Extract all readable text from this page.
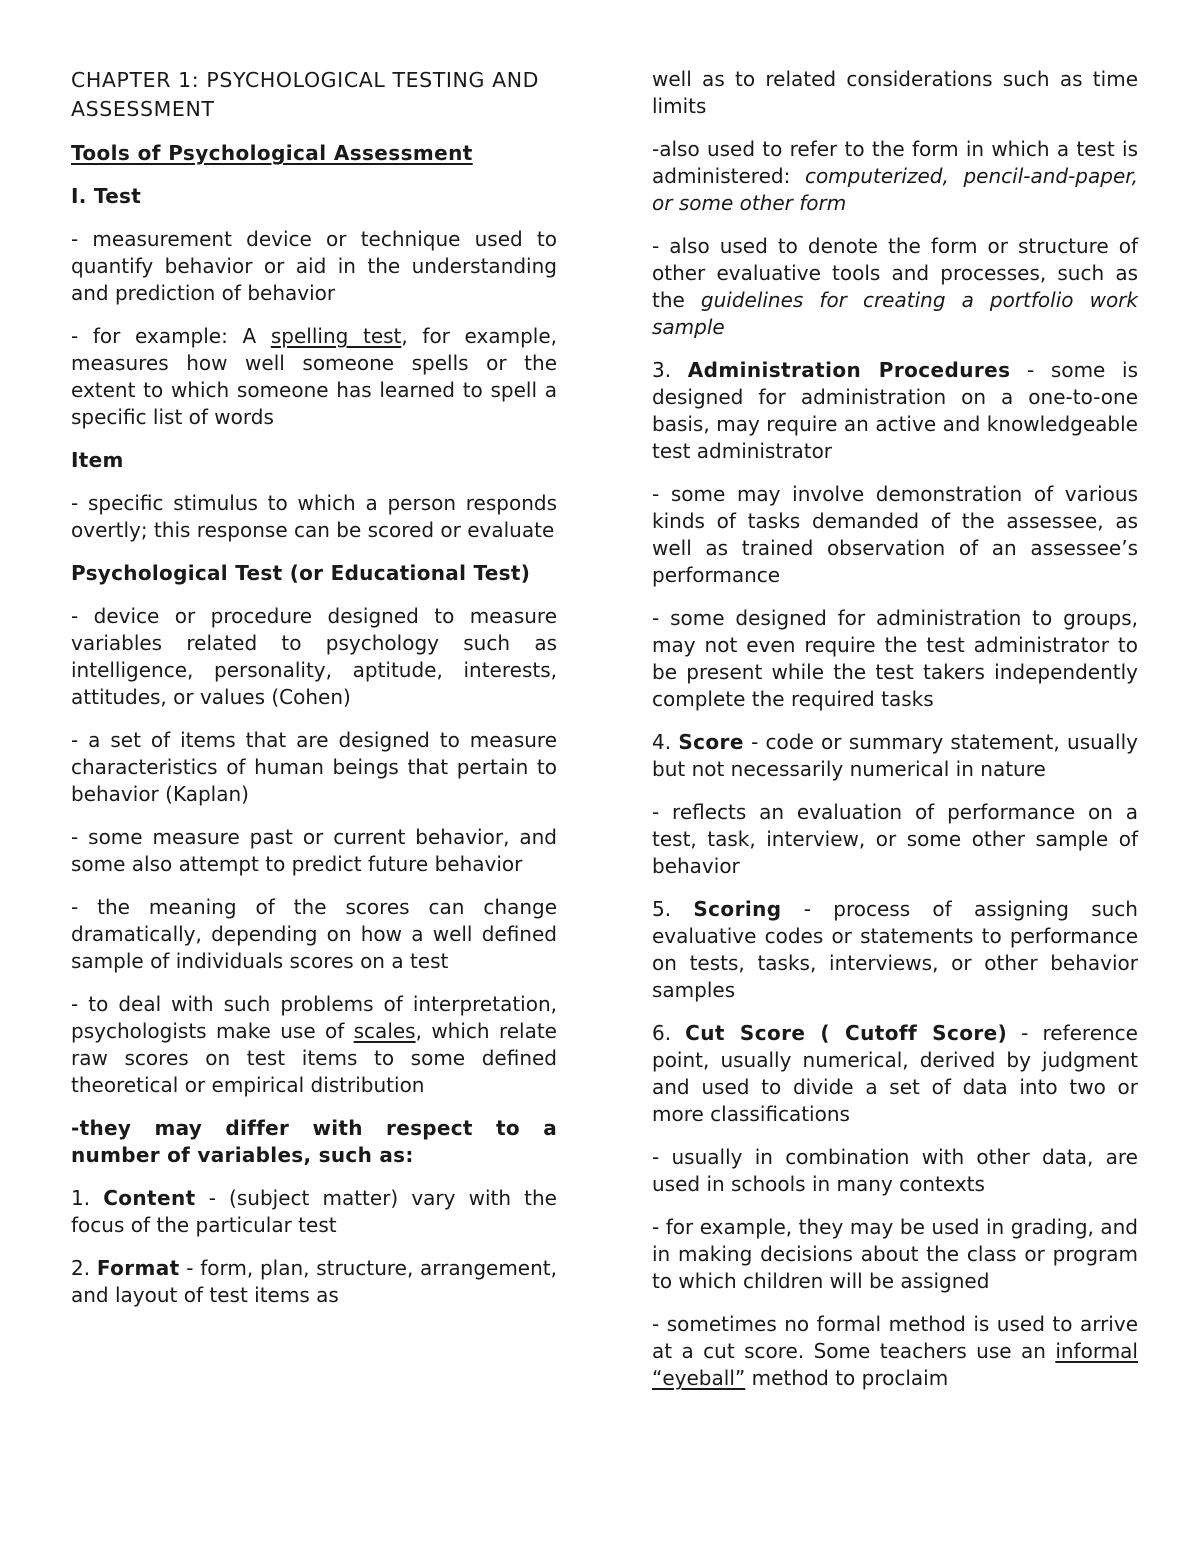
CHAPTER 1: PSYCHOLOGICAL TESTING AND ASSESSMENT

Tools of Psychological Assessment

I. Test

- measurement device or technique used to quantify behavior or aid in the understanding and prediction of behavior

- for example: A spelling test, for example, measures how well someone spells or the extent to which someone has learned to spell a specific list of words

Item

- specific stimulus to which a person responds overtly; this response can be scored or evaluate

Psychological Test (or Educational Test)

- device or procedure designed to measure variables related to psychology such as intelligence, personality, aptitude, interests, attitudes, or values (Cohen)

- a set of items that are designed to measure characteristics of human beings that pertain to behavior (Kaplan)

- some measure past or current behavior, and some also attempt to predict future behavior

- the meaning of the scores can change dramatically, depending on how a well defined sample of individuals scores on a test

- to deal with such problems of interpretation, psychologists make use of scales, which relate raw scores on test items to some defined theoretical or empirical distribution

-they may differ with respect to a number of variables, such as:

1. Content - (subject matter) vary with the focus of the particular test

2. Format - form, plan, structure, arrangement, and layout of test items as

well as to related considerations such as time limits

-also used to refer to the form in which a test is administered: computerized, pencil-and-paper, or some other form

- also used to denote the form or structure of other evaluative tools and processes, such as the guidelines for creating a portfolio work sample

3. Administration Procedures - some is designed for administration on a one-to-one basis, may require an active and knowledgeable test administrator

- some may involve demonstration of various kinds of tasks demanded of the assessee, as well as trained observation of an assessee’s performance

- some designed for administration to groups, may not even require the test administrator to be present while the test takers independently complete the required tasks

4. Score - code or summary statement, usually but not necessarily numerical in nature

- reflects an evaluation of performance on a test, task, interview, or some other sample of behavior

5. Scoring - process of assigning such evaluative codes or statements to performance on tests, tasks, interviews, or other behavior samples

6. Cut Score ( Cutoff Score) - reference point, usually numerical, derived by judgment and used to divide a set of data into two or more classifications

- usually in combination with other data, are used in schools in many contexts

- for example, they may be used in grading, and in making decisions about the class or program to which children will be assigned

- sometimes no formal method is used to arrive at a cut score. Some teachers use an informal “eyeball” method to proclaim
